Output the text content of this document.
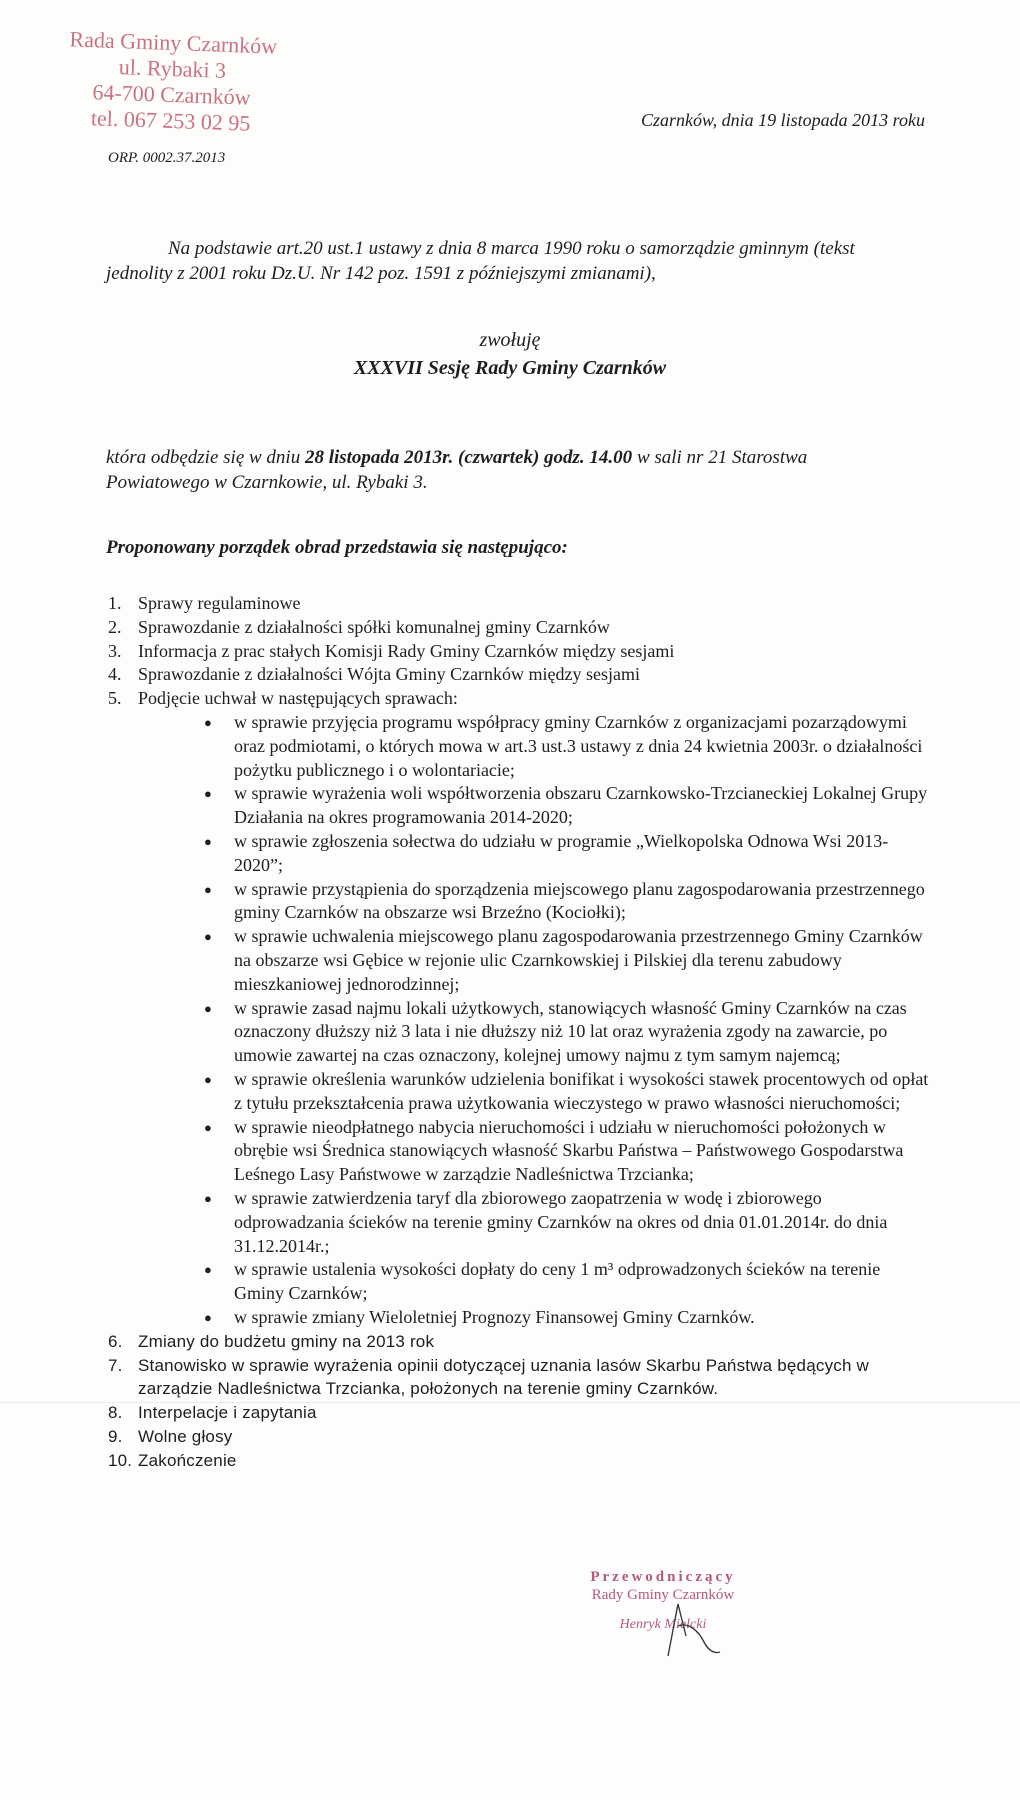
Rada Gminy Czarnków
ul. Rybaki 3
64-700 Czarnków
tel. 067 253 02 95
ORP. 0002.37.2013
Czarnków, dnia 19 listopada 2013 roku
Na podstawie art.20 ust.1 ustawy z dnia 8 marca 1990 roku o samorządzie gminnym (tekst
jednolity z 2001 roku Dz.U. Nr 142 poz. 1591 z późniejszymi zmianami),
zwołuję
XXXVII Sesję Rady Gminy Czarnków
która odbędzie się w dniu 28 listopada 2013r. (czwartek) godz. 14.00 w sali nr 21 Starostwa
Powiatowego w Czarnkowie, ul. Rybaki 3.
Proponowany porządek obrad przedstawia się następująco:
1. Sprawy regulaminowe
2. Sprawozdanie z działalności spółki komunalnej gminy Czarnków
3. Informacja z prac stałych Komisji Rady Gminy Czarnków między sesjami
4. Sprawozdanie z działalności Wójta Gminy Czarnków między sesjami
5. Podjęcie uchwał w następujących sprawach:
●	w sprawie przyjęcia programu współpracy gminy Czarnków z organizacjami pozarządowymi oraz podmiotami, o których mowa w art.3 ust.3 ustawy z dnia 24 kwietnia 2003r. o działalności pożytku publicznego i o wolontariacie;
●	w sprawie wyrażenia woli współtworzenia obszaru Czarnkowsko-Trzcianeckiej Lokalnej Grupy Działania na okres programowania 2014-2020;
●	w sprawie zgłoszenia sołectwa do udziału w programie „Wielkopolska Odnowa Wsi 2013-2020”;
●	w sprawie przystąpienia do sporządzenia miejscowego planu zagospodarowania przestrzennego gminy Czarnków na obszarze wsi Brzeźno (Kociołki);
●	w sprawie uchwalenia miejscowego planu zagospodarowania przestrzennego Gminy Czarnków na obszarze wsi Gębice w rejonie ulic Czarnkowskiej i Pilskiej dla terenu zabudowy mieszkaniowej jednorodzinnej;
●	w sprawie zasad najmu lokali użytkowych, stanowiących własność Gminy Czarnków na czas oznaczony dłuższy niż 3 lata i nie dłuższy niż 10 lat oraz wyrażenia zgody na zawarcie, po umowie zawartej na czas oznaczony, kolejnej umowy najmu z tym samym najemcą;
●	w sprawie określenia warunków udzielenia bonifikat i wysokości stawek procentowych od opłat z tytułu przekształcenia prawa użytkowania wieczystego w prawo własności nieruchomości;
●	w sprawie nieodpłatnego nabycia nieruchomości i udziału w nieruchomości położonych w obrębie wsi Średnica stanowiących własność Skarbu Państwa – Państwowego Gospodarstwa Leśnego Lasy Państwowe w zarządzie Nadleśnictwa Trzcianka;
●	w sprawie zatwierdzenia taryf dla zbiorowego zaopatrzenia w wodę i zbiorowego odprowadzania ścieków na terenie gminy Czarnków na okres od dnia 01.01.2014r. do dnia 31.12.2014r.;
●	w sprawie ustalenia wysokości dopłaty do ceny 1 m³ odprowadzonych ścieków na terenie Gminy Czarnków;
●	w sprawie zmiany Wieloletniej Prognozy Finansowej Gminy Czarnków.
6. Zmiany do budżetu gminy na 2013 rok
7. Stanowisko w sprawie wyrażenia opinii dotyczącej uznania lasów Skarbu Państwa będących w zarządzie Nadleśnictwa Trzcianka, położonych na terenie gminy Czarnków.
8. Interpelacje i zapytania
9. Wolne głosy
10. Zakończenie
Przewodniczący
Rady Gminy Czarnków
Henryk Mielcki
